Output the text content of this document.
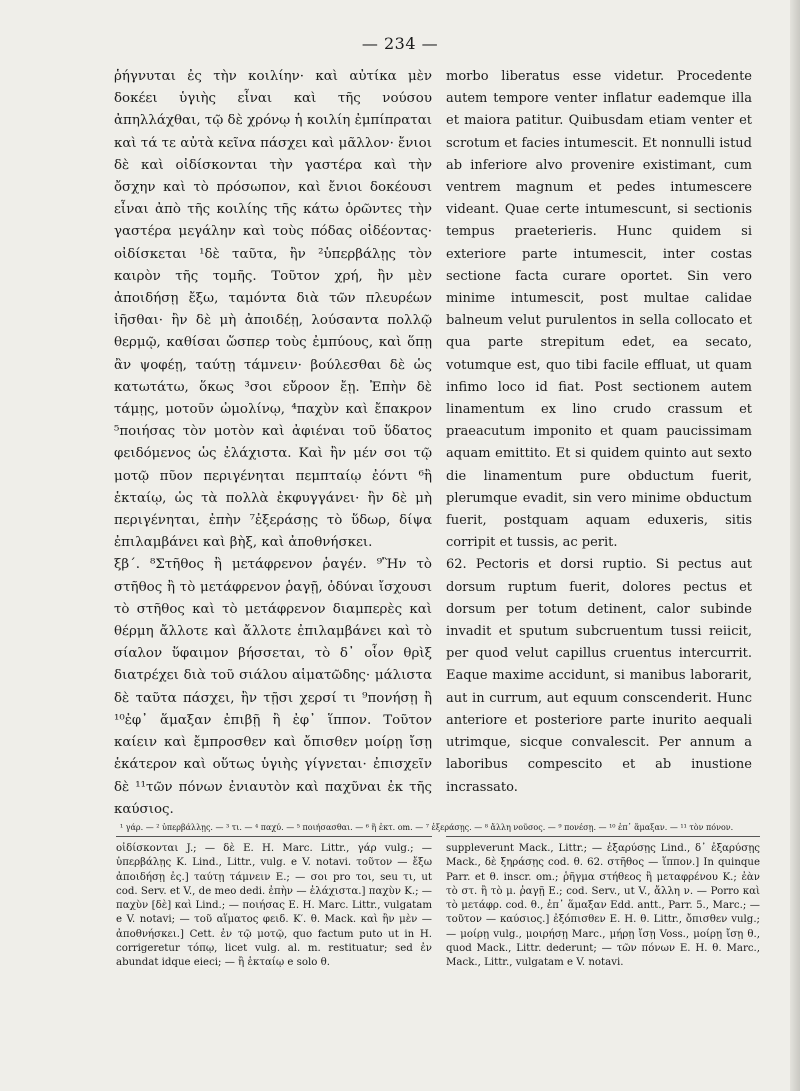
— 234 —

ῥήγνυται ἐς τὴν κοιλίην· καὶ αὐτίκα μὲν δοκέει ὑγιὴς εἶναι καὶ τῆς νούσου ἀπηλλάχθαι, τῷ δὲ χρόνῳ ἡ κοιλίη ἐμπίπραται καὶ τά τε αὐτὰ κεῖνα πάσχει καὶ μᾶλλον· ἔνιοι δὲ καὶ οἰδίσκονται τὴν γαστέρα καὶ τὴν ὄσχην καὶ τὸ πρόσωπον, καὶ ἔνιοι δοκέουσι εἶναι ἀπὸ τῆς κοιλίης τῆς κάτω ὁρῶντες τὴν γαστέρα μεγάλην καὶ τοὺς πόδας οἰδέοντας· οἰδίσκεται ¹δὲ ταῦτα, ἢν ²ὑπερβάλῃς τὸν καιρὸν τῆς τομῆς. Τοῦτον χρή, ἢν μὲν ἀποιδήσῃ ἔξω, ταμόντα διὰ τῶν πλευρέων ἰῆσθαι· ἢν δὲ μὴ ἀποιδέῃ, λούσαντα πολλῷ θερμῷ, καθίσαι ὥσπερ τοὺς ἐμπύους, καὶ ὅπῃ ἂν ψοφέῃ, ταύτῃ τάμνειν· βούλεσθαι δὲ ὡς κατωτάτω, ὅκως ³σοι εὔροον ἔῃ. Ἐπὴν δὲ τάμῃς, μοτοῦν ὠμολίνῳ, ⁴παχὺν καὶ ἔπακρον ⁵ποιήσας τὸν μοτὸν καὶ ἀφιέναι τοῦ ὕδατος φειδόμενος ὡς ἐλάχιστα. Καὶ ἢν μέν σοι τῷ μοτῷ πῦον περιγένηται πεμπταίῳ ἐόντι ⁶ἢ ἑκταίῳ, ὡς τὰ πολλὰ ἐκφυγγάνει· ἢν δὲ μὴ περιγένηται, ἐπὴν ⁷ἐξεράσῃς τὸ ὕδωρ, δίψα ἐπιλαμβάνει καὶ βὴξ, καὶ ἀποθνήσκει.

ξβ΄. ⁸Στῆθος ἢ μετάφρενον ῥαγέν. ⁹Ἢν τὸ στῆθος ἢ τὸ μετάφρενον ῥαγῇ, ὀδύναι ἴσχουσι τὸ στῆθος καὶ τὸ μετάφρενον διαμπερὲς καὶ θέρμη ἄλλοτε καὶ ἄλλοτε ἐπιλαμβάνει καὶ τὸ σίαλον ὕφαιμον βήσσεται, τὸ δ᾽ οἷον θρὶξ διατρέχει διὰ τοῦ σιάλου αἱματῶδης· μάλιστα δὲ ταῦτα πάσχει, ἢν τῇσι χερσί τι ⁹πονήσῃ ἢ ¹⁰ἐφ᾽ ἅμαξαν ἐπιβῇ ἢ ἐφ᾽ ἵππον. Τοῦτον καίειν καὶ ἔμπροσθεν καὶ ὄπισθεν μοίρῃ ἴσῃ ἑκάτερον καὶ οὕτως ὑγιὴς γίγνεται· ἐπισχεῖν δὲ ¹¹τῶν πόνων ἐνιαυτὸν καὶ παχῦναι ἐκ τῆς καύσιος.

morbo liberatus esse videtur. Procedente autem tempore venter inflatur eademque illa et maiora patitur. Quibusdam etiam venter et scrotum et facies intumescit. Et nonnulli istud ab inferiore alvo provenire existimant, cum ventrem magnum et pedes intumescere videant. Quae certe intumescunt, si sectionis tempus praeterieris. Hunc quidem si exteriore parte intumescit, inter costas sectione facta curare oportet. Sin vero minime intumescit, post multae calidae balneum velut purulentos in sella collocato et qua parte strepitum edet, ea secato, votumque est, quo tibi facile effluat, ut quam infimo loco id fiat. Post sectionem autem linamentum ex lino crudo crassum et praeacutum imponito et quam paucissimam aquam emittito. Et si quidem quinto aut sexto die linamentum pure obductum fuerit, plerumque evadit, sin vero minime obductum fuerit, postquam aquam eduxeris, sitis corripit et tussis, ac perit.

62. Pectoris et dorsi ruptio. Si pectus aut dorsum ruptum fuerit, dolores pectus et dorsum per totum detinent, calor subinde invadit et sputum subcruentum tussi reiicit, per quod velut capillus cruentus intercurrit. Eaque maxime accidunt, si manibus laborarit, aut in currum, aut equum conscenderit. Hunc anteriore et posteriore parte inurito aequali utrimque, sicque convalescit. Per annum a laboribus compescito et ab inustione incrassato.

¹ γάρ. — ² ὑπερβάλλῃς. — ³ τι. — ⁴ παχύ. — ⁵ ποιήσασθαι. — ⁶ ἢ ἐκτ. om. — ⁷ ἐξεράσῃς. — ⁸ ἄλλη νοῦσος. — ⁹ πονέσῃ. — ¹⁰ ἐπ᾽ ἅμαξαν. — ¹¹ τὸν πόνον.

οἰδίσκονται J.; — δὲ E. H. Marc. Littr., γάρ vulg.; — ὑπερβάλῃς K. Lind., Littr., vulg. e V. notavi. τοῦτον — ἔξω ἀποιδήσῃ ἐς.] ταύτῃ τάμνειν E.; — σοι pro τοι, seu τι, ut cod. Serv. et V., de meo dedi. ἐπὴν — ἐλάχιστα.] παχὺν K.; — παχὺν [δὲ] καὶ Lind.; — ποιήσας E. H. Marc. Littr., vulgatam e V. notavi; — τοῦ αἵματος φειδ. K′. θ. Mack. καὶ ἢν μὲν — ἀποθνήσκει.] Cett. ἐν τῷ μοτῷ, quo factum puto ut in H. corrigeretur τόπῳ, licet vulg. al. m. restituatur; sed ἐν abundat idque eieci; — ἢ ἑκταίῳ e solo θ.

suppleverunt Mack., Littr.; — ἐξαρύσῃς Lind., δ᾽ ἐξαρύσῃς Mack., δὲ ξηράσῃς cod. θ. 62. στῆθος — ἵππον.] In quinque Parr. et θ. inscr. om.; ῥῆγμα στήθεος ἢ μεταφρένου K.; ἐὰν τὸ στ. ἢ τὸ μ. ῥαγῇ E.; cod. Serv., ut V., ἄλλη ν. — Porro καὶ τὸ μετάφρ. cod. θ., ἐπ᾽ ἅμαξαν Edd. antt., Parr. 5., Marc.; — τοῦτον — καύσιος.] ἐξόπισθεν E. H. θ. Littr., ὄπισθεν vulg.; — μοίρῃ vulg., μοιρήσῃ Marc., μήρῃ ἴσῃ Voss., μοίρῃ ἴσῃ θ., quod Mack., Littr. dederunt; — τῶν πόνων E. H. θ. Marc., Mack., Littr., vulgatam e V. notavi.
